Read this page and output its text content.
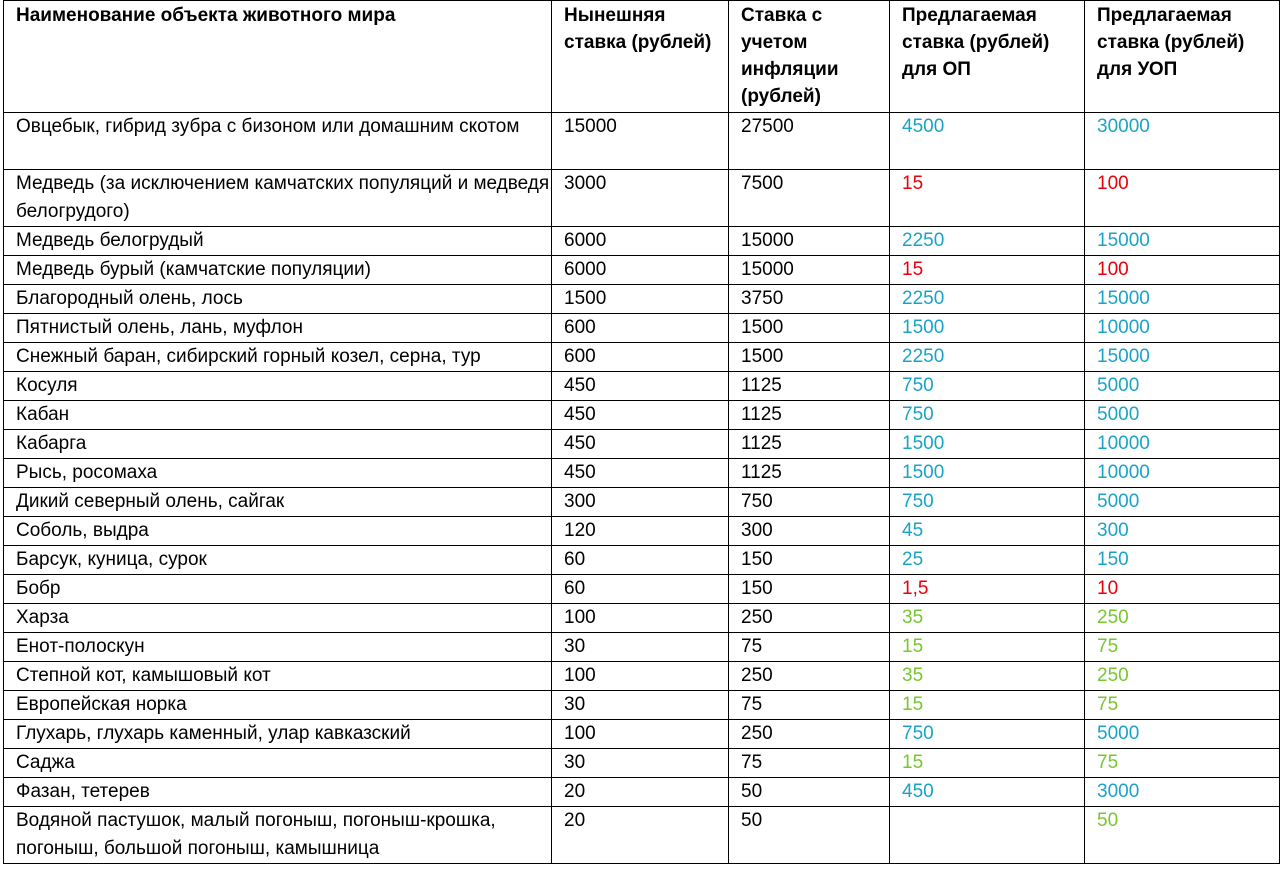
Наименование объекта животного мира	Нынешняя ставка (рублей)	Ставка с учетом инфляции (рублей)	Предлагаемая ставка (рублей) для ОП	Предлагаемая ставка (рублей) для УОП
Овцебык, гибрид зубра с бизоном или домашним скотом	15000	27500	4500	30000
Медведь (за исключением камчатских популяций и медведя белогрудого)	3000	7500	15	100
Медведь белогрудый	6000	15000	2250	15000
Медведь бурый (камчатские популяции)	6000	15000	15	100
Благородный олень, лось	1500	3750	2250	15000
Пятнистый олень, лань, муфлон	600	1500	1500	10000
Снежный баран, сибирский горный козел, серна, тур	600	1500	2250	15000
Косуля	450	1125	750	5000
Кабан	450	1125	750	5000
Кабарга	450	1125	1500	10000
Рысь, росомаха	450	1125	1500	10000
Дикий северный олень, сайгак	300	750	750	5000
Соболь, выдра	120	300	45	300
Барсук, куница, сурок	60	150	25	150
Бобр	60	150	1,5	10
Харза	100	250	35	250
Енот-полоскун	30	75	15	75
Степной кот, камышовый кот	100	250	35	250
Европейская норка	30	75	15	75
Глухарь, глухарь каменный, улар кавказский	100	250	750	5000
Саджа	30	75	15	75
Фазан, тетерев	20	50	450	3000
Водяной пастушок, малый погоныш, погоныш-крошка, погоныш, большой погоныш, камышница	20	50		50
